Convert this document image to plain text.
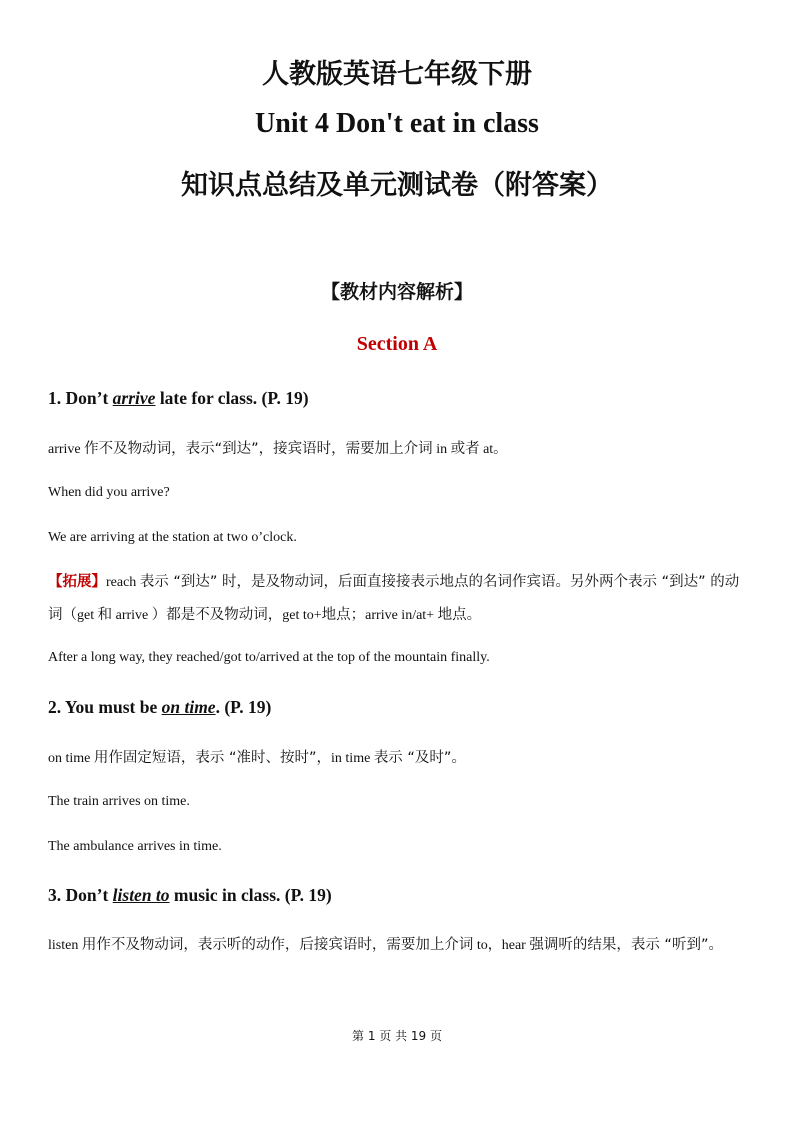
人教版英语七年级下册
Unit 4 Don't eat in class
知识点总结及单元测试卷（附答案）
【教材内容解析】
Section A
1. Don’t arrive late for class. (P. 19)
arrive 作不及物动词，表示“到达”，接宾语时，需要加上介词 in 或者 at。
When did you arrive?
We are arriving at the station at two o’clock.
【拓展】reach 表示 “到达” 时，是及物动词，后面直接接表示地点的名词作宾语。另外两个表示 “到达” 的动词（get 和 arrive ）都是不及物动词，get to+地点；arrive in/at+ 地点。
After a long way, they reached/got to/arrived at the top of the mountain finally.
2. You must be on time. (P. 19)
on time 用作固定短语，表示 “准时、按时”，in time 表示 “及时”。
The train arrives on time.
The ambulance arrives in time.
3. Don’t listen to music in class. (P. 19)
listen 用作不及物动词，表示听的动作，后接宾语时，需要加上介词 to，hear 强调听的结果，表示 “听到”。
第 1 页 共 19 页
